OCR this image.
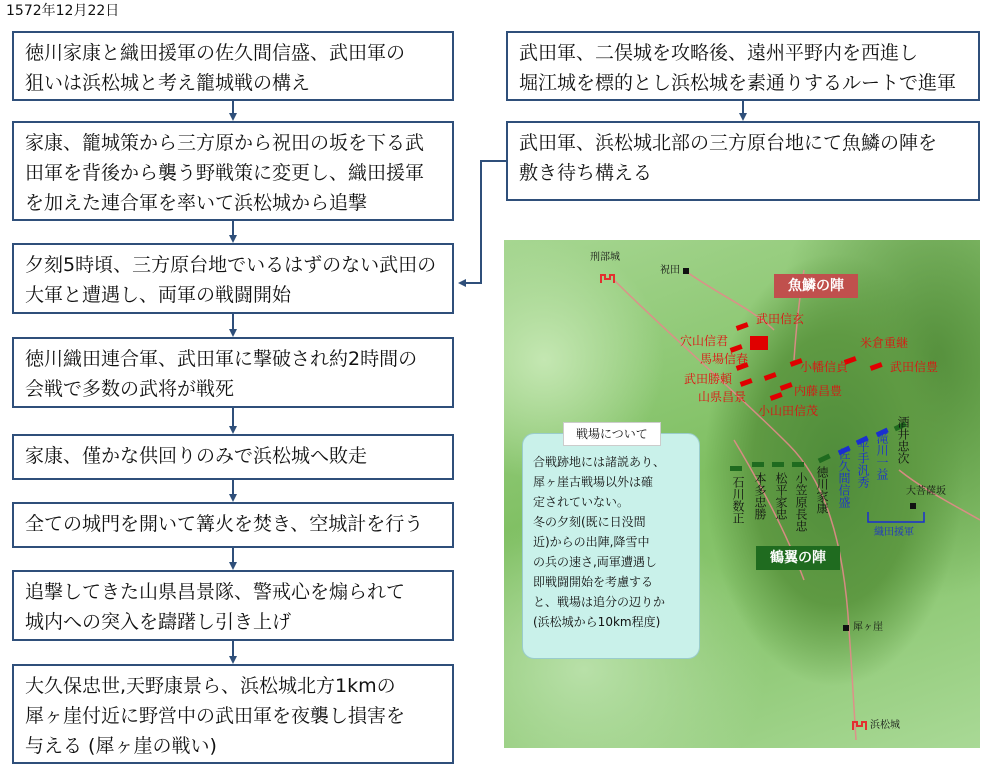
1572年12月22日
徳川家康と織田援軍の佐久間信盛、武田軍の
狙いは浜松城と考え籠城戦の構え
家康、籠城策から三方原から祝田の坂を下る武
田軍を背後から襲う野戦策に変更し、織田援軍
を加えた連合軍を率いて浜松城から追撃
夕刻5時頃、三方原台地でいるはずのない武田の
大軍と遭遇し、両軍の戦闘開始
徳川織田連合軍、武田軍に撃破され約2時間の
会戦で多数の武将が戦死
家康、僅かな供回りのみで浜松城へ敗走
全ての城門を開いて篝火を焚き、空城計を行う
追撃してきた山県昌景隊、警戒心を煽られて
城内への突入を躊躇し引き上げ
大久保忠世,天野康景ら、浜松城北方1kmの
犀ヶ崖付近に野営中の武田軍を夜襲し損害を
与える (犀ヶ崖の戦い)
武田軍、二俣城を攻略後、遠州平野内を西進し
堀江城を標的とし浜松城を素通りするルートで進軍
武田軍、浜松城北部の三方原台地にて魚鱗の陣を
敷き待ち構える
刑部城
祝田
大菩薩坂
犀ヶ崖
浜松城
魚鱗の陣
武田信玄
穴山信君
馬場信春
小幡信貞
米倉重継
武田信豊
武田勝頼
内藤昌豊
山県昌景
小山田信茂
石川数正 本多忠勝 松平家忠 小笠原長忠 徳川家康
酒井忠次
佐久間信盛 平手汎秀 滝川一益
織田援軍
鶴翼の陣
戦場について
合戦跡地には諸説あり、
犀ヶ崖古戦場以外は確
定されていない。
冬の夕刻(既に日没間
近)からの出陣,降雪中
の兵の速さ,両軍遭遇し
即戦闘開始を考慮する
と、戦場は追分の辺りか
(浜松城から10km程度)
